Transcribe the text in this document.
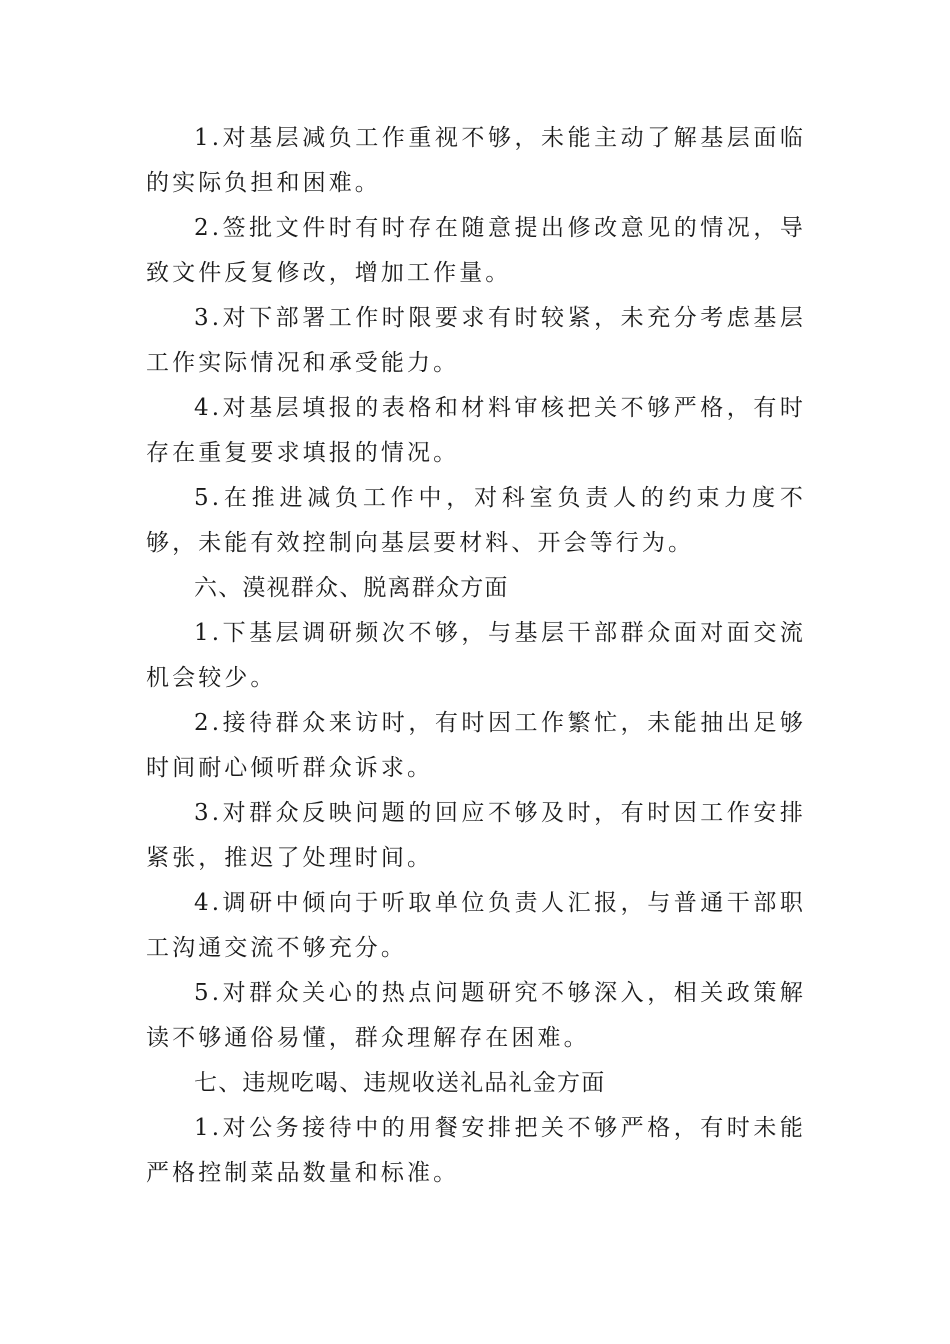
1.对基层减负工作重视不够，未能主动了解基层面临的实际负担和困难。

2.签批文件时有时存在随意提出修改意见的情况，导致文件反复修改，增加工作量。

3.对下部署工作时限要求有时较紧，未充分考虑基层工作实际情况和承受能力。

4.对基层填报的表格和材料审核把关不够严格，有时存在重复要求填报的情况。

5.在推进减负工作中，对科室负责人的约束力度不够，未能有效控制向基层要材料、开会等行为。

六、漠视群众、脱离群众方面

1.下基层调研频次不够，与基层干部群众面对面交流机会较少。

2.接待群众来访时，有时因工作繁忙，未能抽出足够时间耐心倾听群众诉求。

3.对群众反映问题的回应不够及时，有时因工作安排紧张，推迟了处理时间。

4.调研中倾向于听取单位负责人汇报，与普通干部职工沟通交流不够充分。

5.对群众关心的热点问题研究不够深入，相关政策解读不够通俗易懂，群众理解存在困难。

七、违规吃喝、违规收送礼品礼金方面

1.对公务接待中的用餐安排把关不够严格，有时未能严格控制菜品数量和标准。
